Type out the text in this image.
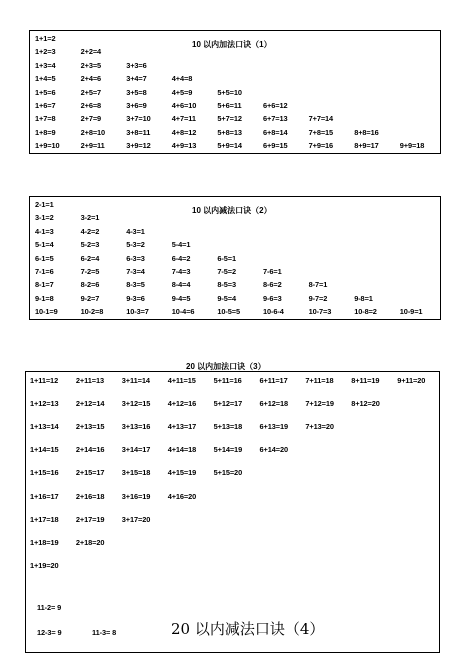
10 以内加法口诀（1）
1+1=2
1+2=3	2+2=4
1+3=4	2+3=5	3+3=6
1+4=5	2+4=6	3+4=7	4+4=8
1+5=6	2+5=7	3+5=8	4+5=9	5+5=10
1+6=7	2+6=8	3+6=9	4+6=10	5+6=11	6+6=12
1+7=8	2+7=9	3+7=10	4+7=11	5+7=12	6+7=13	7+7=14
1+8=9	2+8=10	3+8=11	4+8=12	5+8=13	6+8=14	7+8=15	8+8=16
1+9=10	2+9=11	3+9=12	4+9=13	5+9=14	6+9=15	7+9=16	8+9=17	9+9=18
10 以内减法口诀（2）
2-1=1
3-1=2	3-2=1
4-1=3	4-2=2	4-3=1
5-1=4	5-2=3	5-3=2	5-4=1
6-1=5	6-2=4	6-3=3	6-4=2	6-5=1
7-1=6	7-2=5	7-3=4	7-4=3	7-5=2	7-6=1
8-1=7	8-2=6	8-3=5	8-4=4	8-5=3	8-6=2	8-7=1
9-1=8	9-2=7	9-3=6	9-4=5	9-5=4	9-6=3	9-7=2	9-8=1
10-1=9	10-2=8	10-3=7	10-4=6	10-5=5	10-6-4	10-7=3	10-8=2	10-9=1
20 以内加法口诀（3）
11-2= 9
12-3= 9	11-3= 8	20 以内减法口诀（4）
1+11=12 2+11=13 3+11=14 4+11=15 5+11=16 6+11=17 7+11=18 8+11=19 9+11=20
1+12=13 2+12=14 3+12=15 4+12=16 5+12=17 6+12=18 7+12=19 8+12=20
1+13=14 2+13=15 3+13=16 4+13=17 5+13=18 6+13=19 7+13=20
1+14=15 2+14=16 3+14=17 4+14=18 5+14=19 6+14=20
1+15=16 2+15=17 3+15=18 4+15=19 5+15=20
1+16=17 2+16=18 3+16=19 4+16=20
1+17=18 2+17=19 3+17=20
1+18=19 2+18=20
1+19=20
